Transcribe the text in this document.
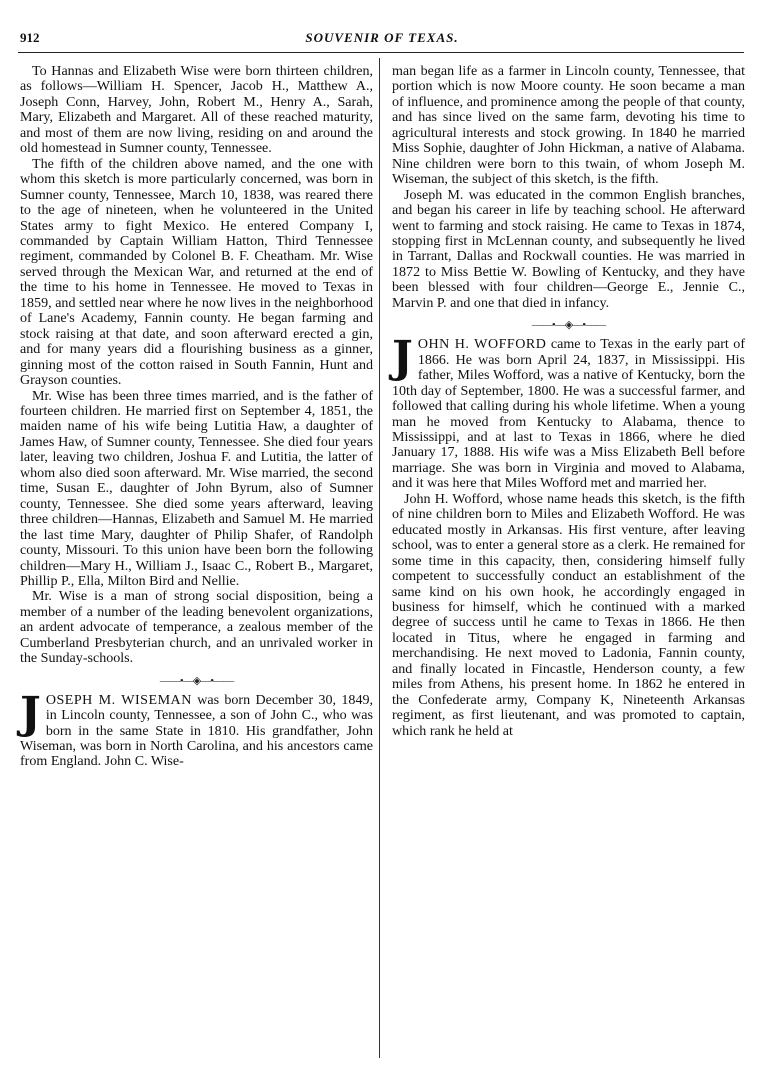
912	SOUVENIR OF TEXAS.

To Hannas and Elizabeth Wise were born thirteen children, as follows—William H. Spencer, Jacob H., Matthew A., Joseph Conn, Harvey, John, Robert M., Henry A., Sarah, Mary, Elizabeth and Margaret. All of these reached maturity, and most of them are now living, residing on and around the old homestead in Sumner county, Tennessee.

The fifth of the children above named, and the one with whom this sketch is more particularly concerned, was born in Sumner county, Tennessee, March 10, 1838, was reared there to the age of nineteen, when he volunteered in the United States army to fight Mexico. He entered Company I, commanded by Captain William Hatton, Third Tennessee regiment, commanded by Colonel B. F. Cheatham. Mr. Wise served through the Mexican War, and returned at the end of the time to his home in Tennessee. He moved to Texas in 1859, and settled near where he now lives in the neighborhood of Lane's Academy, Fannin county. He began farming and stock raising at that date, and soon afterward erected a gin, and for many years did a flourishing business as a ginner, ginning most of the cotton raised in South Fannin, Hunt and Grayson counties.

Mr. Wise has been three times married, and is the father of fourteen children. He married first on September 4, 1851, the maiden name of his wife being Lutitia Haw, a daughter of James Haw, of Sumner county, Tennessee. She died four years later, leaving two children, Joshua F. and Lutitia, the latter of whom also died soon afterward. Mr. Wise married, the second time, Susan E., daughter of John Byrum, also of Sumner county, Tennessee. She died some years afterward, leaving three children—Hannas, Elizabeth and Samuel M. He married the last time Mary, daughter of Philip Shafer, of Randolph county, Missouri. To this union have been born the following children—Mary H., William J., Isaac C., Robert B., Margaret, Phillip P., Ella, Milton Bird and Nellie.

Mr. Wise is a man of strong social disposition, being a member of a number of the leading benevolent organizations, an ardent advocate of temperance, a zealous member of the Cumberland Presbyterian church, and an unrivaled worker in the Sunday-schools.

——•—◈—•——

JOSEPH M. WISEMAN was born December 30, 1849, in Lincoln county, Tennessee, a son of John C., who was born in the same State in 1810. His grandfather, John Wiseman, was born in North Carolina, and his ancestors came from England. John C. Wise-

man began life as a farmer in Lincoln county, Tennessee, that portion which is now Moore county. He soon became a man of influence, and prominence among the people of that county, and has since lived on the same farm, devoting his time to agricultural interests and stock growing. In 1840 he married Miss Sophie, daughter of John Hickman, a native of Alabama. Nine children were born to this twain, of whom Joseph M. Wiseman, the subject of this sketch, is the fifth.

Joseph M. was educated in the common English branches, and began his career in life by teaching school. He afterward went to farming and stock raising. He came to Texas in 1874, stopping first in McLennan county, and subsequently he lived in Tarrant, Dallas and Rockwall counties. He was married in 1872 to Miss Bettie W. Bowling of Kentucky, and they have been blessed with four children—George E., Jennie C., Marvin P. and one that died in infancy.

——•—◈—•——

JOHN H. WOFFORD came to Texas in the early part of 1866. He was born April 24, 1837, in Mississippi. His father, Miles Wofford, was a native of Kentucky, born the 10th day of September, 1800. He was a successful farmer, and followed that calling during his whole lifetime. When a young man he moved from Kentucky to Alabama, thence to Mississippi, and at last to Texas in 1866, where he died January 17, 1888. His wife was a Miss Elizabeth Bell before marriage. She was born in Virginia and moved to Alabama, and it was here that Miles Wofford met and married her.

John H. Wofford, whose name heads this sketch, is the fifth of nine children born to Miles and Elizabeth Wofford. He was educated mostly in Arkansas. His first venture, after leaving school, was to enter a general store as a clerk. He remained for some time in this capacity, then, considering himself fully competent to successfully conduct an establishment of the same kind on his own hook, he accordingly engaged in business for himself, which he continued with a marked degree of success until he came to Texas in 1866. He then located in Titus, where he engaged in farming and merchandising. He next moved to Ladonia, Fannin county, and finally located in Fincastle, Henderson county, a few miles from Athens, his present home. In 1862 he entered in the Confederate army, Company K, Nineteenth Arkansas regiment, as first lieutenant, and was promoted to captain, which rank he held at
